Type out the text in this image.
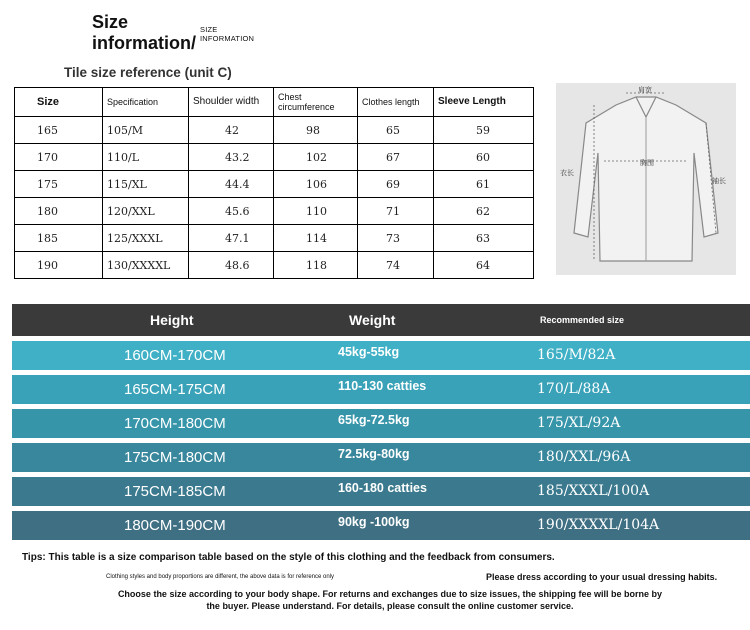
Size
information/
SIZE
INFORMATION
Tile size reference (unit C)
Size	Specification	Shoulder width	Chest circumference	Clothes length	Sleeve Length
165	105/M	42	98	65	59
170	110/L	43.2	102	67	60
175	115/XL	44.4	106	69	61
180	120/XXL	45.6	110	71	62
185	125/XXXL	47.1	114	73	63
190	130/XXXXL	48.6	118	74	64
肩宽
胸围
衣长
袖长
Height	Weight	Recommended size
160CM-170CM	45kg-55kg	165/M/82A
165CM-175CM	110-130 catties	170/L/88A
170CM-180CM	65kg-72.5kg	175/XL/92A
175CM-180CM	72.5kg-80kg	180/XXL/96A
175CM-185CM	160-180 catties	185/XXXL/100A
180CM-190CM	90kg -100kg	190/XXXXL/104A
Tips: This table is a size comparison table based on the style of this clothing and the feedback from consumers.
Clothing styles and body proportions are different, the above data is for reference only	Please dress according to your usual dressing habits.
Choose the size according to your body shape. For returns and exchanges due to size issues, the shipping fee will be borne by
the buyer. Please understand. For details, please consult the online customer service.
